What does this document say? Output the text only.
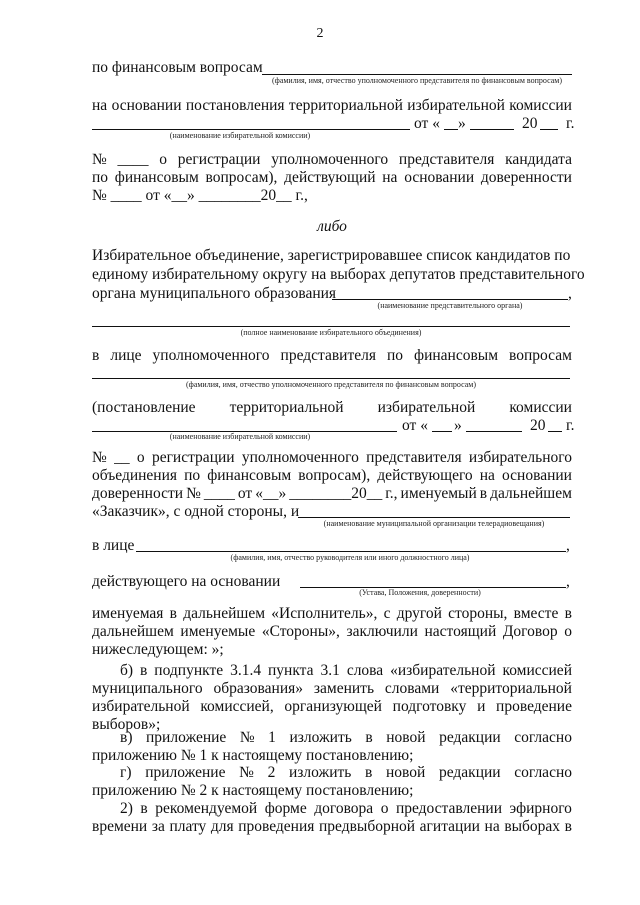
2
по финансовым вопросам
(фамилия, имя, отчество уполномоченного представителя по финансовым вопросам)
на основании постановления территориальной избирательной комиссии
от « »	20 г.
(наименование избирательной комиссии)
№ ____ о регистрации уполномоченного представителя кандидата
по финансовым вопросам), действующий на основании доверенности
№ ____ от «__» ________20__ г.,
либо
Избирательное объединение, зарегистрировавшее список кандидатов по
единому избирательному округу на выборах депутатов представительного
органа муниципального образования	,
(наименование представительного органа)
(полное наименование избирательного объединения)
в лице уполномоченного представителя по финансовым вопросам
(фамилия, имя, отчество уполномоченного представителя по финансовым вопросам)
(постановление территориальной избирательной комиссии
от « »	20 г.
(наименование избирательной комиссии)
№ __ о регистрации уполномоченного представителя избирательного
объединения по финансовым вопросам), действующего на основании
доверенности № ____ от «__» ________20__ г., именуемый в дальнейшем
«Заказчик», с одной стороны, и
(наименование муниципальной организации телерадиовещания)
в лице	,
(фамилия, имя, отчество руководителя или иного должностного лица)
действующего на основании	,
(Устава, Положения, доверенности)
именуемая в дальнейшем «Исполнитель», с другой стороны, вместе в
дальнейшем именуемые «Стороны», заключили настоящий Договор о
нижеследующем: »;
б) в подпункте 3.1.4 пункта 3.1 слова «избирательной комиссией
муниципального образования» заменить словами «территориальной
избирательной комиссией, организующей подготовку и проведение
выборов»;
в) приложение № 1 изложить в новой редакции согласно
приложению № 1 к настоящему постановлению;
г) приложение № 2 изложить в новой редакции согласно
приложению № 2 к настоящему постановлению;
2) в рекомендуемой форме договора о предоставлении эфирного
времени за плату для проведения предвыборной агитации на выборах в
